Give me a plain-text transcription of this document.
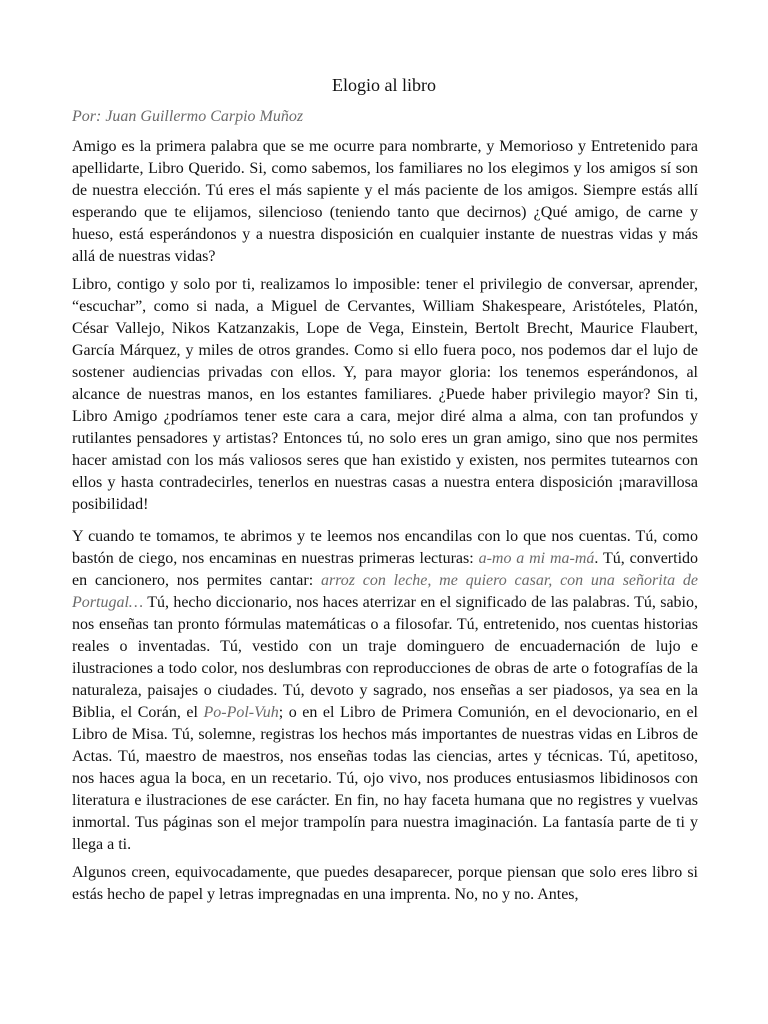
Elogio al libro
Por: Juan Guillermo Carpio Muñoz
Amigo es la primera palabra que se me ocurre para nombrarte, y Memorioso y Entretenido para apellidarte, Libro Querido. Si, como sabemos, los familiares no los elegimos y los amigos sí son de nuestra elección. Tú eres el más sapiente y el más paciente de los amigos. Siempre estás allí esperando que te elijamos, silencioso (teniendo tanto que decirnos) ¿Qué amigo, de carne y hueso, está esperándonos y a nuestra disposición en cualquier instante de nuestras vidas y más allá de nuestras vidas?
Libro, contigo y solo por ti, realizamos lo imposible: tener el privilegio de conversar, aprender, “escuchar”, como si nada, a Miguel de Cervantes, William Shakespeare, Aristóteles, Platón, César Vallejo, Nikos Katzanzakis, Lope de Vega, Einstein, Bertolt Brecht, Maurice Flaubert, García Márquez, y miles de otros grandes. Como si ello fuera poco, nos podemos dar el lujo de sostener audiencias privadas con ellos. Y, para mayor gloria: los tenemos esperándonos, al alcance de nuestras manos, en los estantes familiares. ¿Puede haber privilegio mayor? Sin ti, Libro Amigo ¿podríamos tener este cara a cara, mejor diré alma a alma, con tan profundos y rutilantes pensadores y artistas? Entonces tú, no solo eres un gran amigo, sino que nos permites hacer amistad con los más valiosos seres que han existido y existen, nos permites tutearnos con ellos y hasta contradecirles, tenerlos en nuestras casas a nuestra entera disposición ¡maravillosa posibilidad!
Y cuando te tomamos, te abrimos y te leemos nos encandilas con lo que nos cuentas. Tú, como bastón de ciego, nos encaminas en nuestras primeras lecturas: a-mo a mi ma-má. Tú, convertido en cancionero, nos permites cantar: arroz con leche, me quiero casar, con una señorita de Portugal… Tú, hecho diccionario, nos haces aterrizar en el significado de las palabras. Tú, sabio, nos enseñas tan pronto fórmulas matemáticas o a filosofar. Tú, entretenido, nos cuentas historias reales o inventadas. Tú, vestido con un traje dominguero de encuadernación de lujo e ilustraciones a todo color, nos deslumbras con reproducciones de obras de arte o fotografías de la naturaleza, paisajes o ciudades. Tú, devoto y sagrado, nos enseñas a ser piadosos, ya sea en la Biblia, el Corán, el Po-Pol-Vuh; o en el Libro de Primera Comunión, en el devocionario, en el Libro de Misa. Tú, solemne, registras los hechos más importantes de nuestras vidas en Libros de Actas. Tú, maestro de maestros, nos enseñas todas las ciencias, artes y técnicas. Tú, apetitoso, nos haces agua la boca, en un recetario. Tú, ojo vivo, nos produces entusiasmos libidinosos con literatura e ilustraciones de ese carácter. En fin, no hay faceta humana que no registres y vuelvas inmortal. Tus páginas son el mejor trampolín para nuestra imaginación. La fantasía parte de ti y llega a ti.
Algunos creen, equivocadamente, que puedes desaparecer, porque piensan que solo eres libro si estás hecho de papel y letras impregnadas en una imprenta. No, no y no. Antes,
